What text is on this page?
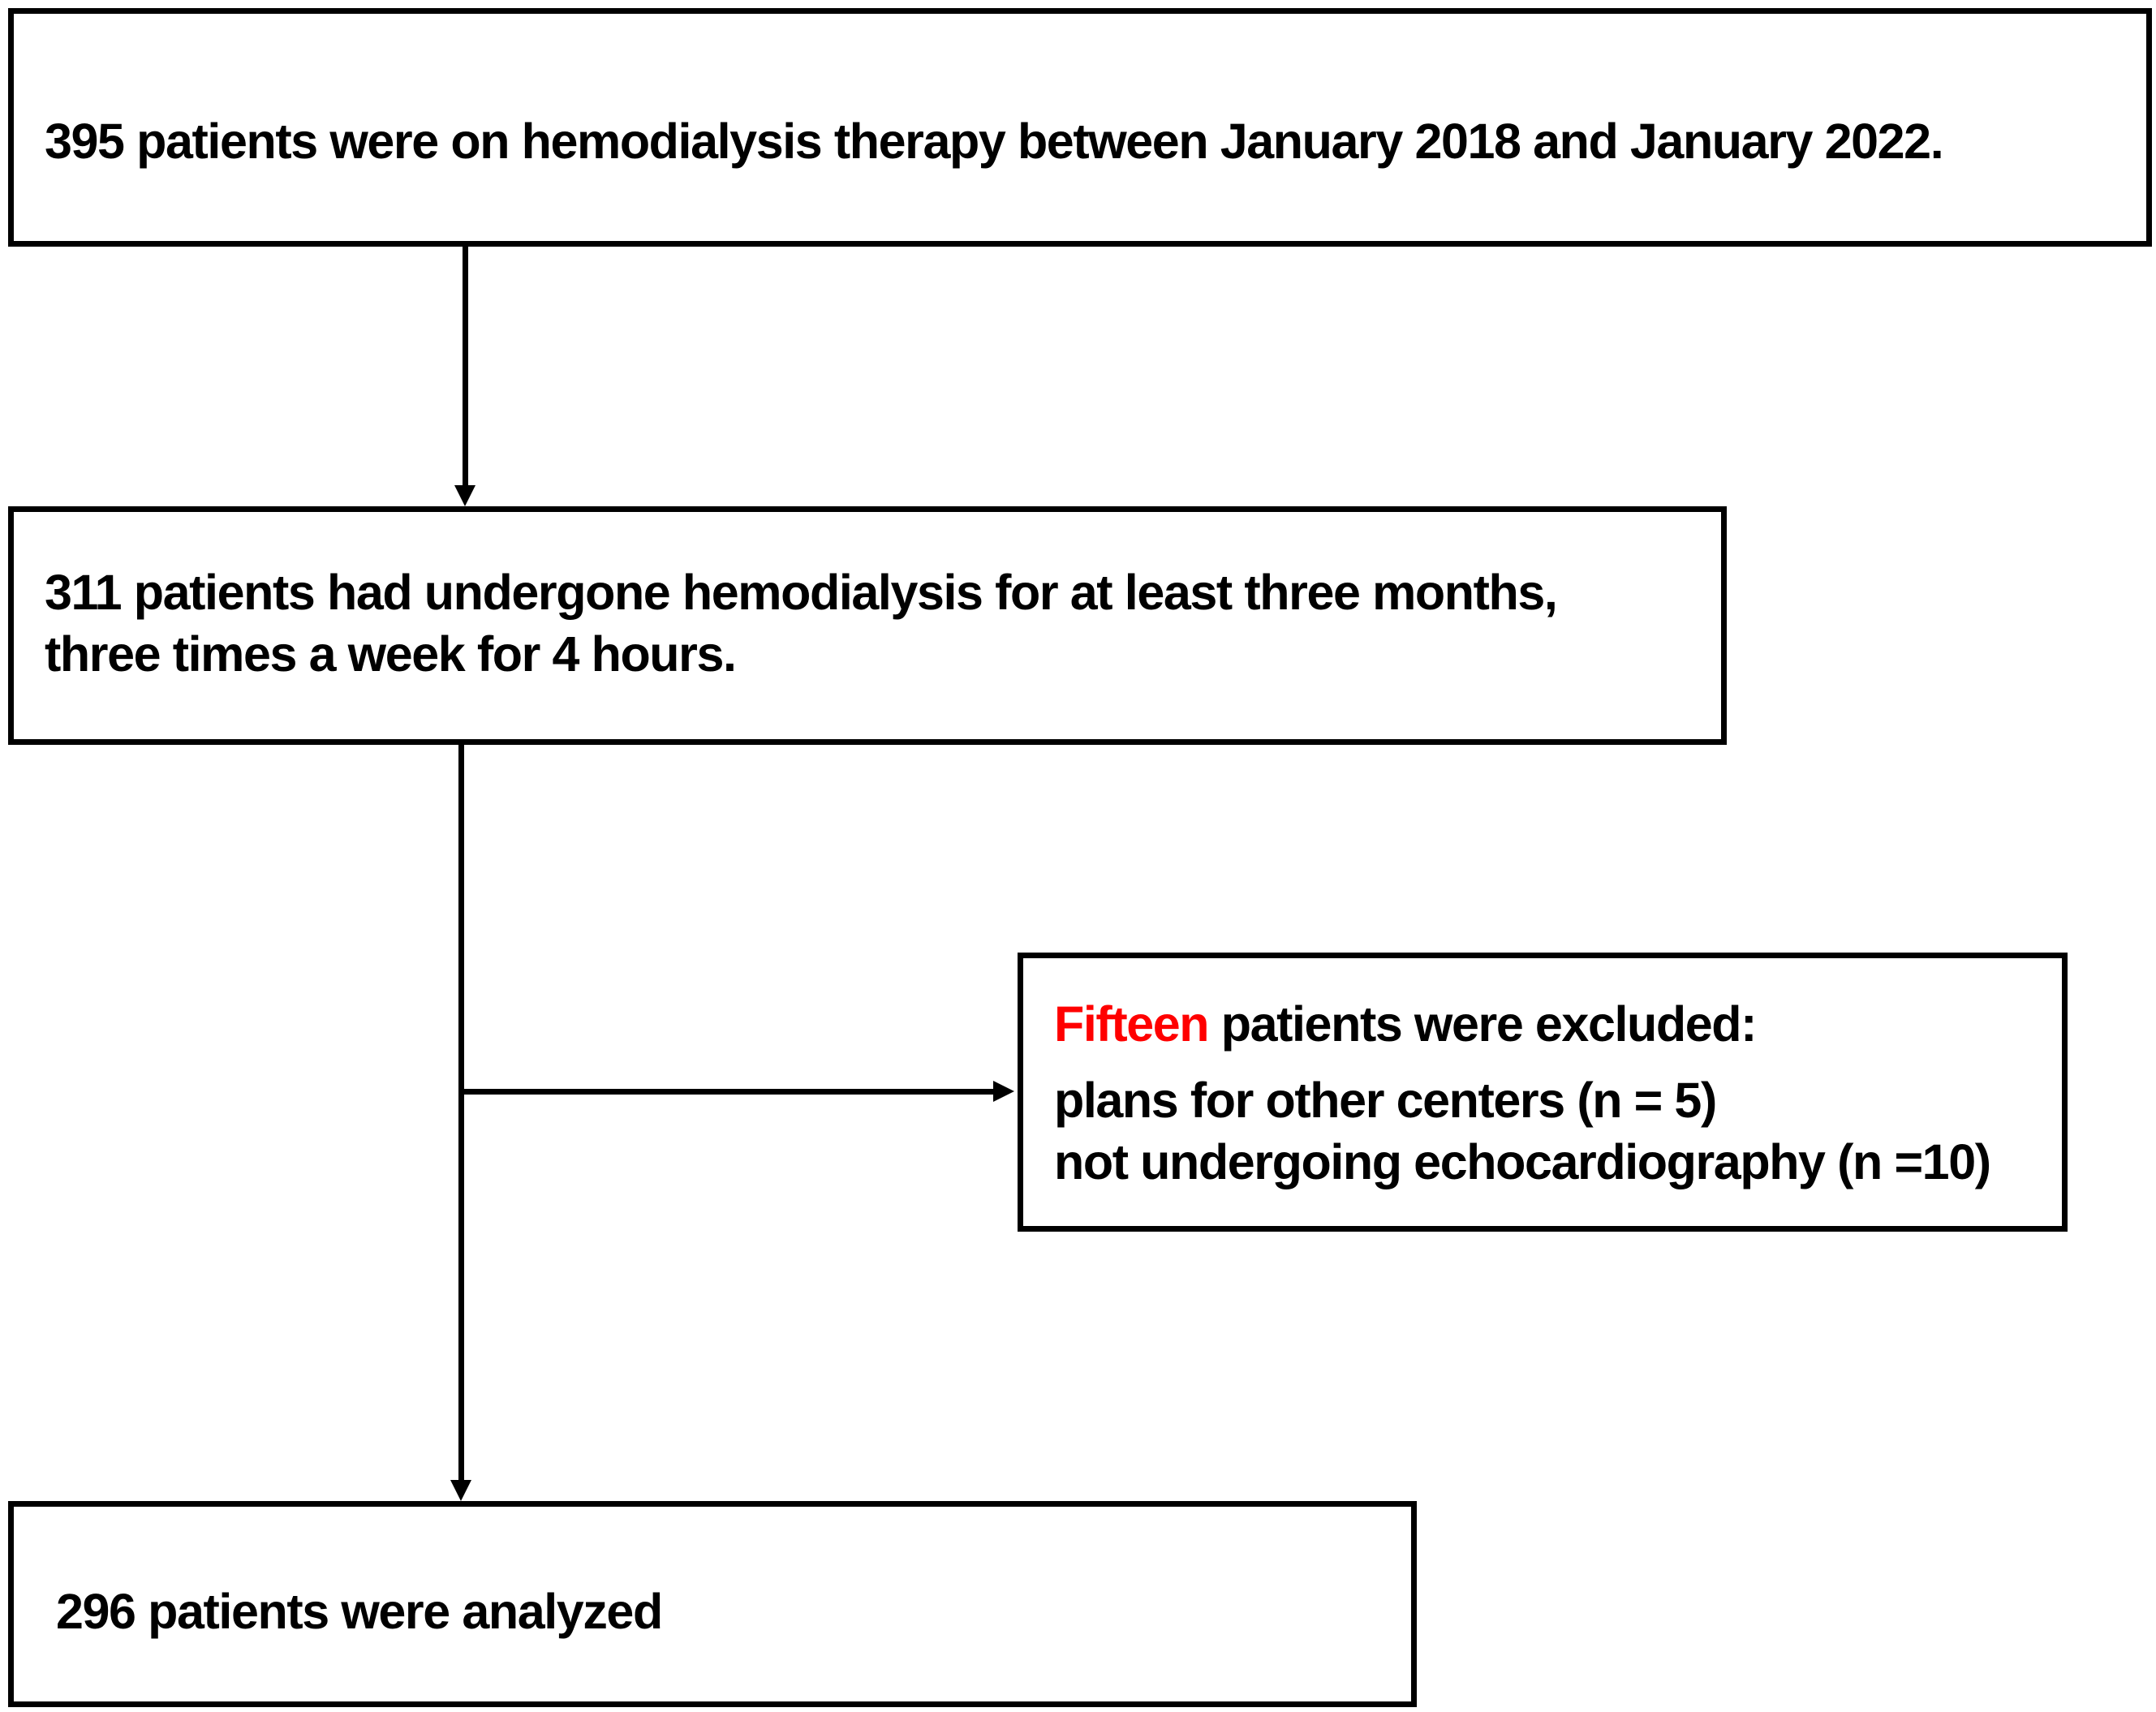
395 patients were on hemodialysis therapy between January 2018 and January 2022.
311 patients had undergone hemodialysis for at least three months,
three times a week for 4 hours.
Fifteen patients were excluded:
plans for other centers (n = 5)
not undergoing echocardiography (n =10)
296 patients were analyzed
